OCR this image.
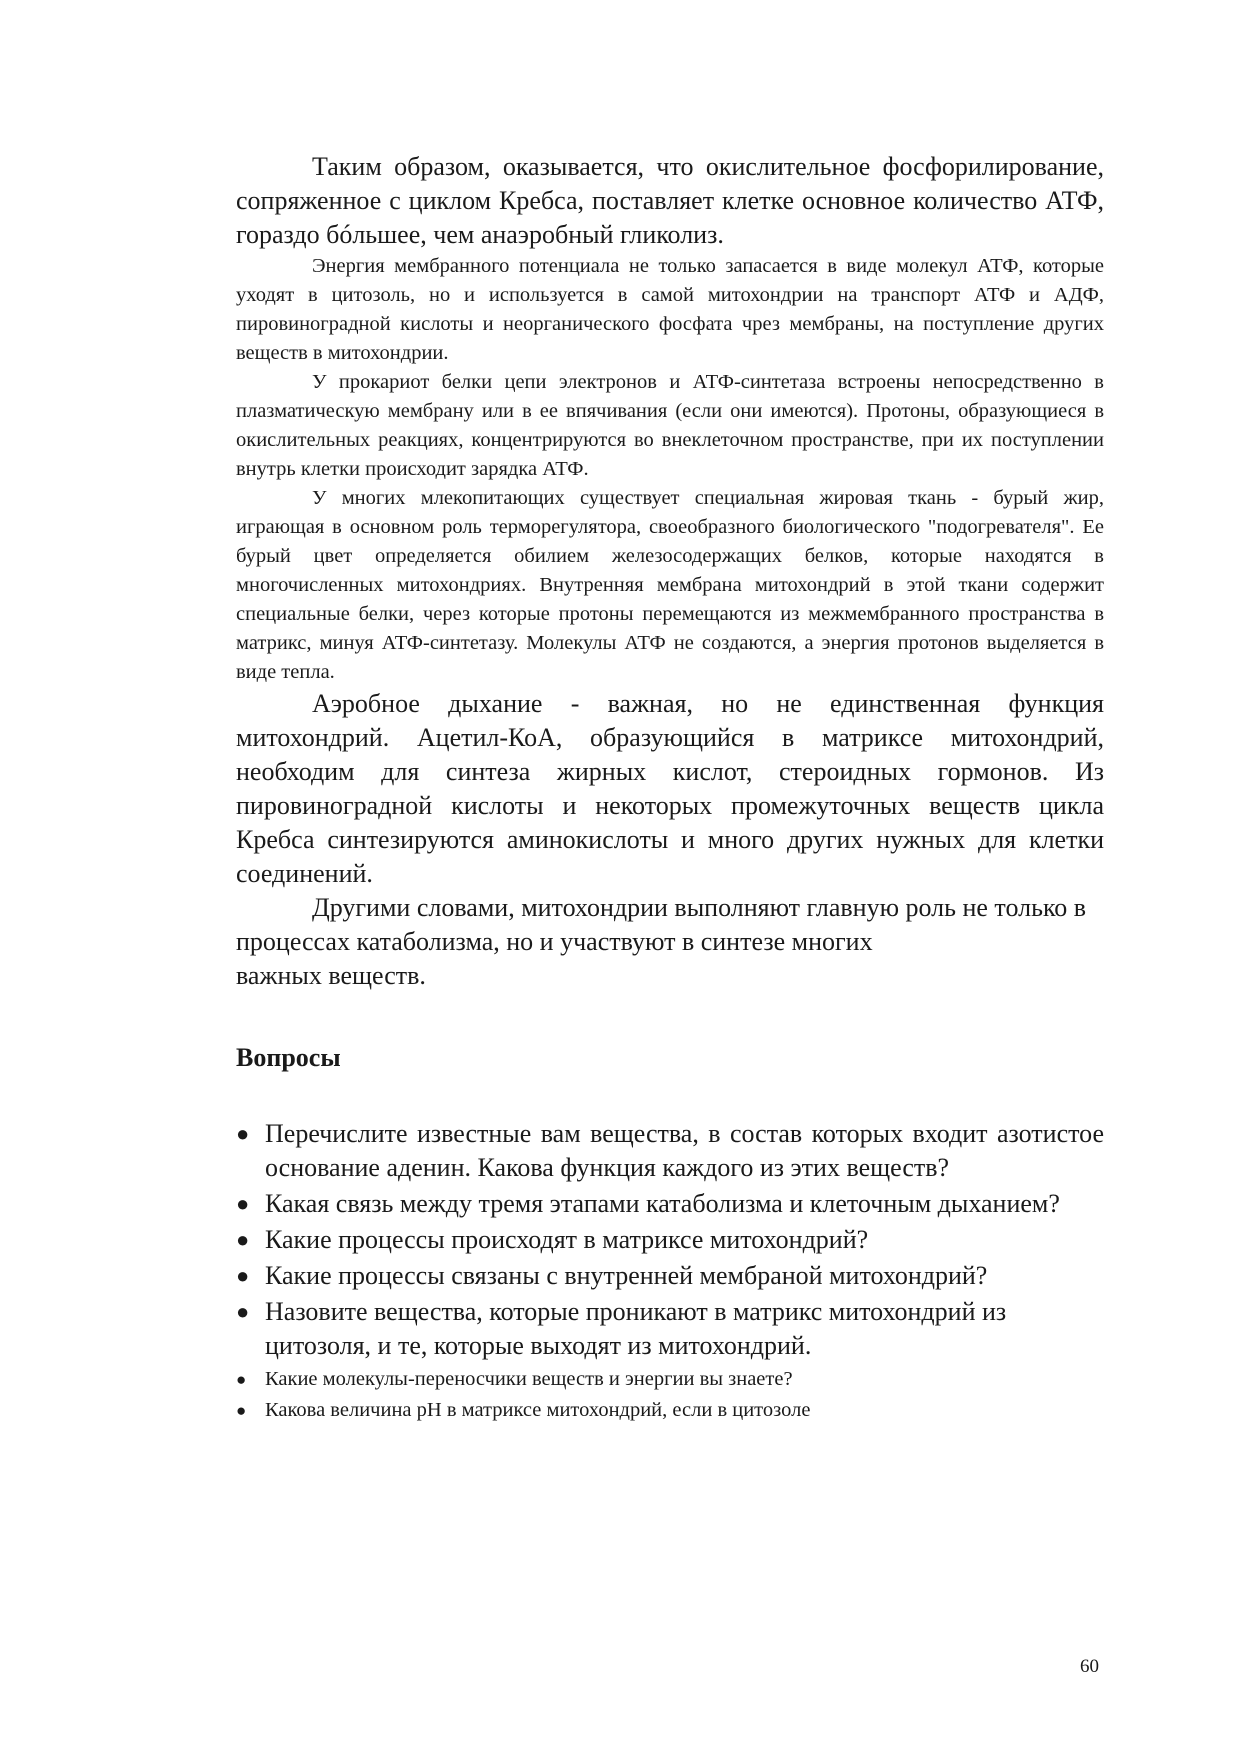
Таким образом, оказывается, что окислительное фосфорилирование, сопряженное с циклом Кребса, поставляет клетке основное количество АТФ, гораздо бóльшее, чем анаэробный гликолиз.

Энергия мембранного потенциала не только запасается в виде молекул АТФ, которые уходят в цитозоль, но и используется в самой митохондрии на транспорт АТФ и АДФ, пировиноградной кислоты и неорганического фосфата чрез мембраны, на поступление других веществ в митохондрии.

У прокариот белки цепи электронов и АТФ-синтетаза встроены непосредственно в плазматическую мембрану или в ее впячивания (если они имеются). Протоны, образующиеся в окислительных реакциях, концентрируются во внеклеточном пространстве, при их поступлении внутрь клетки происходит зарядка АТФ.

У многих млекопитающих существует специальная жировая ткань - бурый жир, играющая в основном роль терморегулятора, своеобразного биологического "подогревателя". Ее бурый цвет определяется обилием железосодержащих белков, которые находятся в многочисленных митохондриях. Внутренняя мембрана митохондрий в этой ткани содержит специальные белки, через которые протоны перемещаются из межмембранного пространства в матрикс, минуя АТФ-синтетазу. Молекулы АТФ не создаются, а энергия протонов выделяется в виде тепла.

Аэробное дыхание - важная, но не единственная функция митохондрий. Ацетил-КоА, образующийся в матриксе митохондрий, необходим для синтеза жирных кислот, стероидных гормонов. Из пировиноградной кислоты и некоторых промежуточных веществ цикла Кребса синтезируются аминокислоты и много других нужных для клетки соединений.

Другими словами, митохондрии выполняют главную роль не только в процессах катаболизма, но и участвуют в синтезе многих

важных веществ.

Вопросы
● Перечислите известные вам вещества, в состав которых входит азотистое основание аденин. Какова функция каждого из этих веществ?
● Какая связь между тремя этапами катаболизма и клеточным дыханием?
● Какие процессы происходят в матриксе митохондрий?
● Какие процессы связаны с внутренней мембраной митохондрий?
● Назовите вещества, которые проникают в матрикс митохондрий из цитозоля, и те, которые выходят из митохондрий.
● Какие молекулы-переносчики веществ и энергии вы знаете?
● Какова величина рН в матриксе митохондрий, если в цитозоле
60
